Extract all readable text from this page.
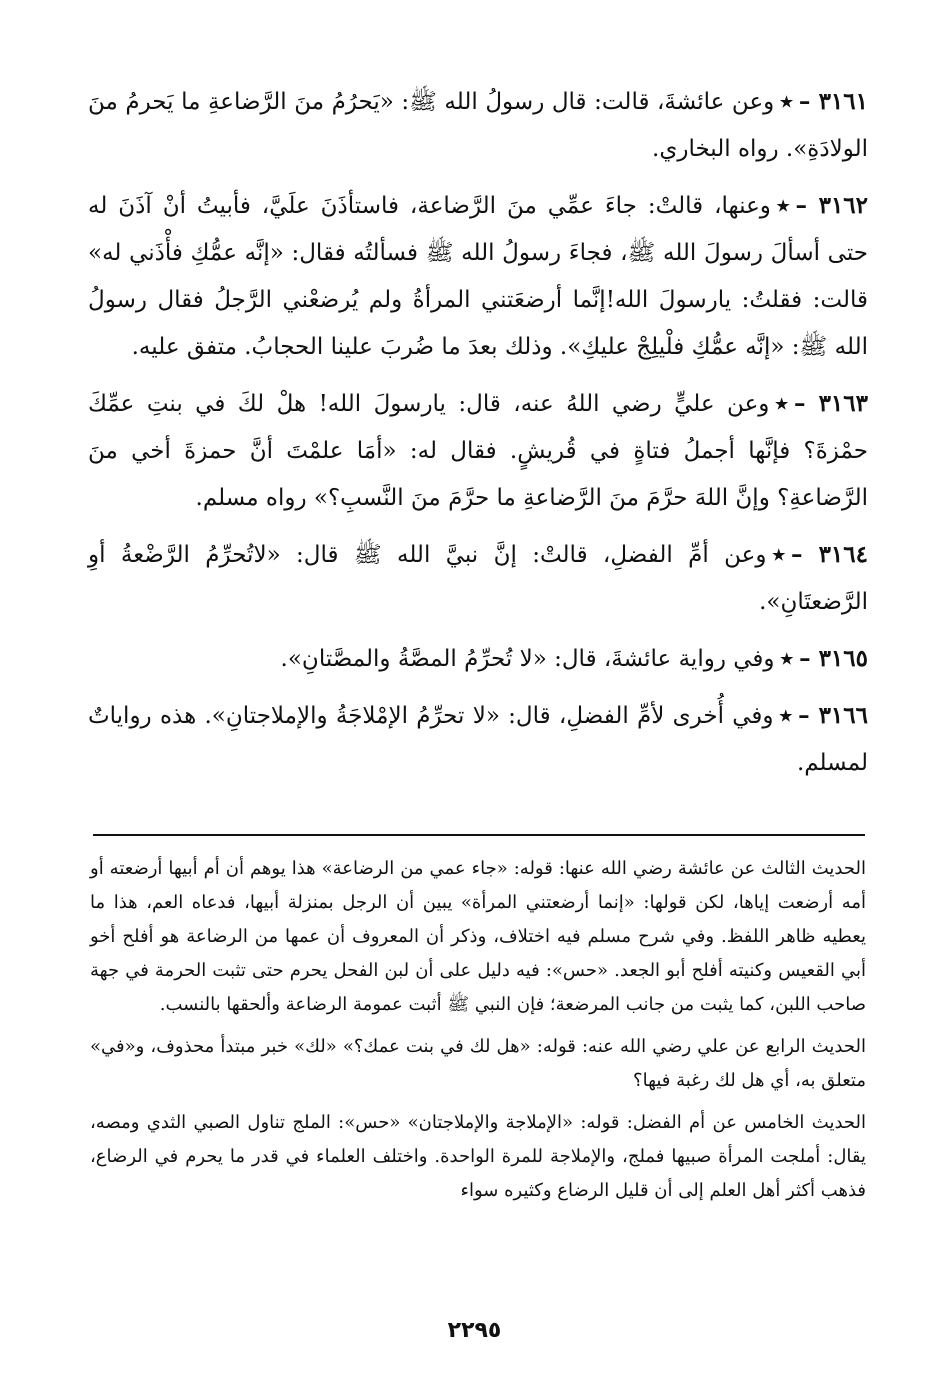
٣١٦١ –٭وعن عائشةَ، قالت: قال رسولُ الله ﷺ: «يَحرُمُ منَ الرَّضاعةِ ما يَحرمُ منَ الولادَةِ». رواه البخاري.

٣١٦٢ –٭وعنها، قالتْ: جاءَ عمِّي منَ الرَّضاعة، فاستأذَنَ علَيَّ، فأبيتُ أنْ آذَنَ له حتى أسألَ رسولَ الله ﷺ، فجاءَ رسولُ الله ﷺ فسألتُه فقال: «إنَّه عمُّكِ فأْذَني له» قالت: فقلتُ: يارسولَ الله!إنَّما أرضعَتني المرأةُ ولم يُرضعْني الرَّجلُ فقال رسولُ الله ﷺ: «إنَّه عمُّكِ فلْيلِجْ عليكِ». وذلك بعدَ ما ضُربَ علينا الحجابُ. متفق عليه.

٣١٦٣ –٭وعن عليٍّ رضي اللهُ عنه، قال: يارسولَ الله! هلْ لكَ في بنتِ عمِّكَ حمْزةَ؟ فإنَّها أجملُ فتاةٍ في قُريشٍ. فقال له: «أمَا علمْتَ أنَّ حمزةَ أخي منَ الرَّضاعةِ؟ وإنَّ اللهَ حرَّمَ منَ الرَّضاعةِ ما حرَّمَ منَ النَّسبِ؟» رواه مسلم.

٣١٦٤ –٭وعن أمِّ الفضلِ، قالتْ: إنَّ نبيَّ الله ﷺ قال: «لاتُحرِّمُ الرَّضْعةُ أوِ الرَّضعتَانِ».

٣١٦٥ –٭وفي رواية عائشةَ، قال: «لا تُحرِّمُ المصَّةُ والمصَّتانِ».

٣١٦٦ –٭وفي أُخرى لأمِّ الفضلِ، قال: «لا تحرِّمُ الإمْلاجَةُ والإملاجتانِ». هذه رواياتٌ لمسلم.

الحديث الثالث عن عائشة رضي الله عنها: قوله: «جاء عمي من الرضاعة» هذا يوهم أن أم أبيها أرضعته أو أمه أرضعت إياها، لكن قولها: «إنما أرضعتني المرأة» يبين أن الرجل بمنزلة أبيها، فدعاه العم، هذا ما يعطيه ظاهر اللفظ. وفي شرح مسلم فيه اختلاف، وذكر أن المعروف أن عمها من الرضاعة هو أفلح أخو أبي القعيس وكنيته أفلح أبو الجعد. «حس»: فيه دليل على أن لبن الفحل يحرم حتى تثبت الحرمة في جهة صاحب اللبن، كما يثبت من جانب المرضعة؛ فإن النبي ﷺ أثبت عمومة الرضاعة وألحقها بالنسب.

الحديث الرابع عن علي رضي الله عنه: قوله: «هل لك في بنت عمك؟» «لك» خبر مبتدأ محذوف، و«في» متعلق به، أي هل لك رغبة فيها؟

الحديث الخامس عن أم الفضل: قوله: «الإملاجة والإملاجتان» «حس»: الملج تناول الصبي الثدي ومصه، يقال: أملجت المرأة صبيها فملج، والإملاجة للمرة الواحدة. واختلف العلماء في قدر ما يحرم في الرضاع، فذهب أكثر أهل العلم إلى أن قليل الرضاع وكثيره سواء

٢٢٩٥
